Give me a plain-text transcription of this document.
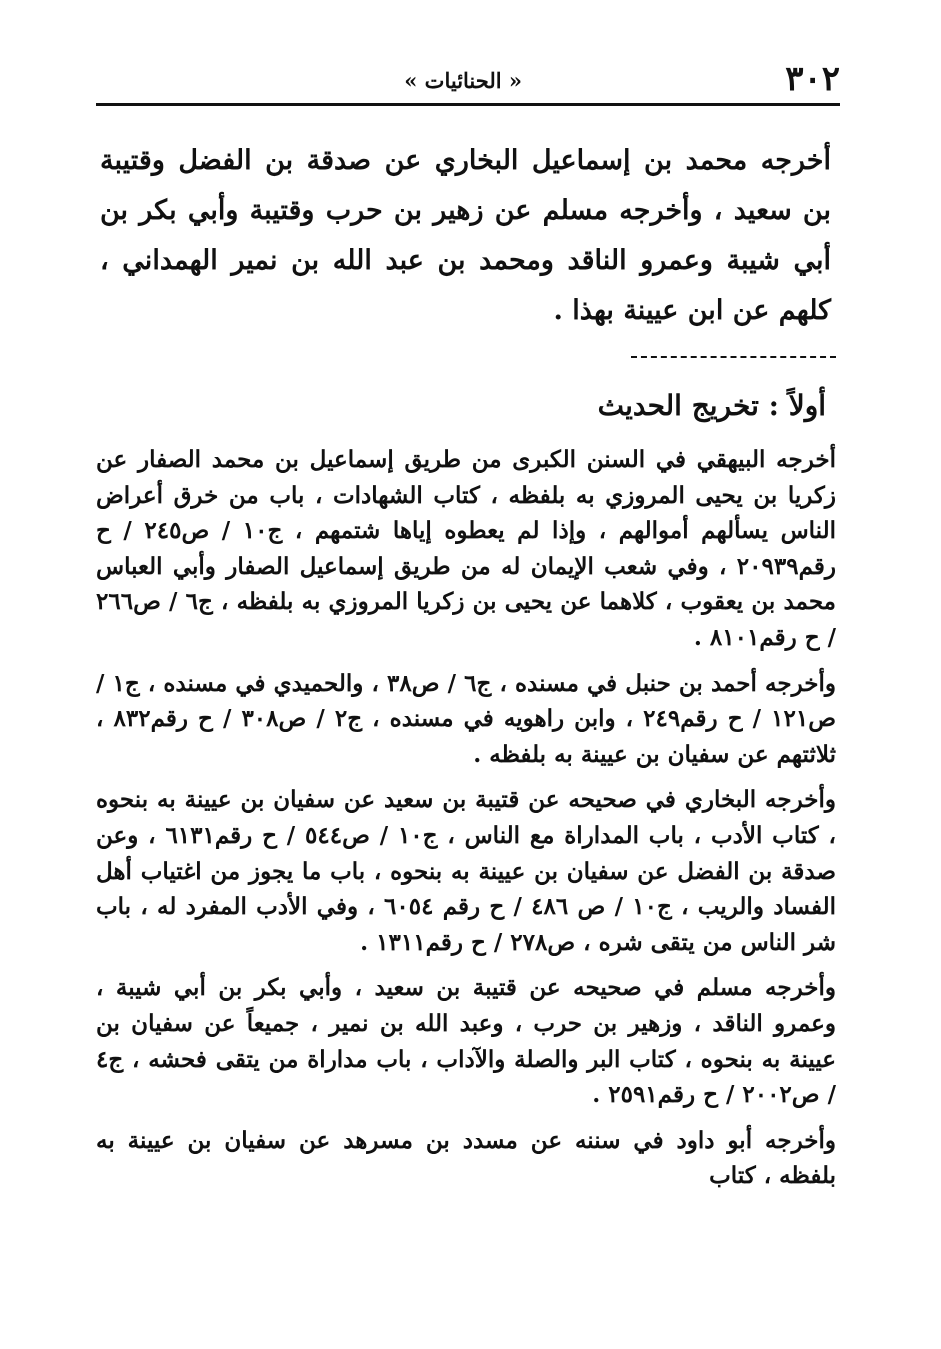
٣٠٢
« الحنائيات »

أخرجه محمد بن إسماعيل البخاري عن صدقة بن الفضل وقتيبة بن سعيد ، وأخرجه مسلم عن زهير بن حرب وقتيبة وأبي بكر بن أبي شيبة وعمرو الناقد ومحمد بن عبد الله بن نمير الهمداني ، كلهم عن ابن عيينة بهذا .

أولاً : تخريج الحديث

أخرجه البيهقي في السنن الكبرى من طريق إسماعيل بن محمد الصفار عن زكريا بن يحيى المروزي به بلفظه ، كتاب الشهادات ، باب من خرق أعراض الناس يسألهم أموالهم ، وإذا لم يعطوه إياها شتمهم ، ج١٠ / ص٢٤٥ / ح رقم٢٠٩٣٩ ، وفي شعب الإيمان له من طريق إسماعيل الصفار وأبي العباس محمد بن يعقوب ، كلاهما عن يحيى بن زكريا المروزي به بلفظه ، ج٦ / ص٢٦٦ / ح رقم٨١٠١ .

وأخرجه أحمد بن حنبل في مسنده ، ج٦ / ص٣٨ ، والحميدي في مسنده ، ج١ / ص١٢١ / ح رقم٢٤٩ ، وابن راهويه في مسنده ، ج٢ / ص٣٠٨ / ح رقم٨٣٢ ، ثلاثتهم عن سفيان بن عيينة به بلفظه .

وأخرجه البخاري في صحيحه عن قتيبة بن سعيد عن سفيان بن عيينة به بنحوه ، كتاب الأدب ، باب المداراة مع الناس ، ج١٠ / ص٥٤٤ / ح رقم٦١٣١ ، وعن صدقة بن الفضل عن سفيان بن عيينة به بنحوه ، باب ما يجوز من اغتياب أهل الفساد والريب ، ج١٠ / ص ٤٨٦ / ح رقم ٦٠٥٤ ، وفي الأدب المفرد له ، باب شر الناس من يتقى شره ، ص٢٧٨ / ح رقم١٣١١ .

وأخرجه مسلم في صحيحه عن قتيبة بن سعيد ، وأبي بكر بن أبي شيبة ، وعمرو الناقد ، وزهير بن حرب ، وعبد الله بن نمير ، جميعاً عن سفيان بن عيينة به بنحوه ، كتاب البر والصلة والآداب ، باب مداراة من يتقى فحشه ، ج٤ / ص٢٠٠٢ / ح رقم٢٥٩١ .

وأخرجه أبو داود في سننه عن مسدد بن مسرهد عن سفيان بن عيينة به بلفظه ، كتاب
